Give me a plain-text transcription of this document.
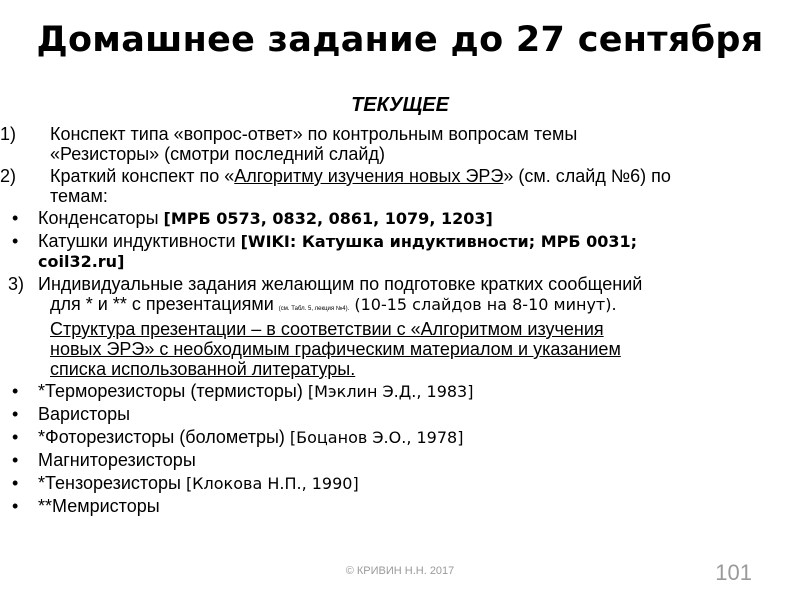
Домашнее задание до 27 сентября
ТЕКУЩЕЕ
1) Конспект типа «вопрос-ответ» по контрольным вопросам темы
«Резисторы» (смотри последний слайд)
2) Краткий конспект по «Алгоритму изучения новых ЭРЭ» (см. слайд №6) по
темам:
• Конденсаторы [МРБ 0573, 0832, 0861, 1079, 1203]
• Катушки индуктивности [WIKI: Катушка индуктивности; МРБ 0031;
coil32.ru]
3) Индивидуальные задания желающим по подготовке кратких сообщений
для * и ** с презентациями (см. Табл. 5, лекция №4). (10-15 слайдов на 8-10 минут).
Структура презентации – в соответствии с «Алгоритмом изучения
новых ЭРЭ» с необходимым графическим материалом и указанием
списка использованной литературы.
• *Терморезисторы (термисторы) [Мэклин Э.Д., 1983]
• Варисторы
• *Фоторезисторы (болометры) [Боцанов Э.О., 1978]
• Магниторезисторы
• *Тензорезисторы [Клокова Н.П., 1990]
• **Мемристоры
© КРИВИН Н.Н. 2017	101
